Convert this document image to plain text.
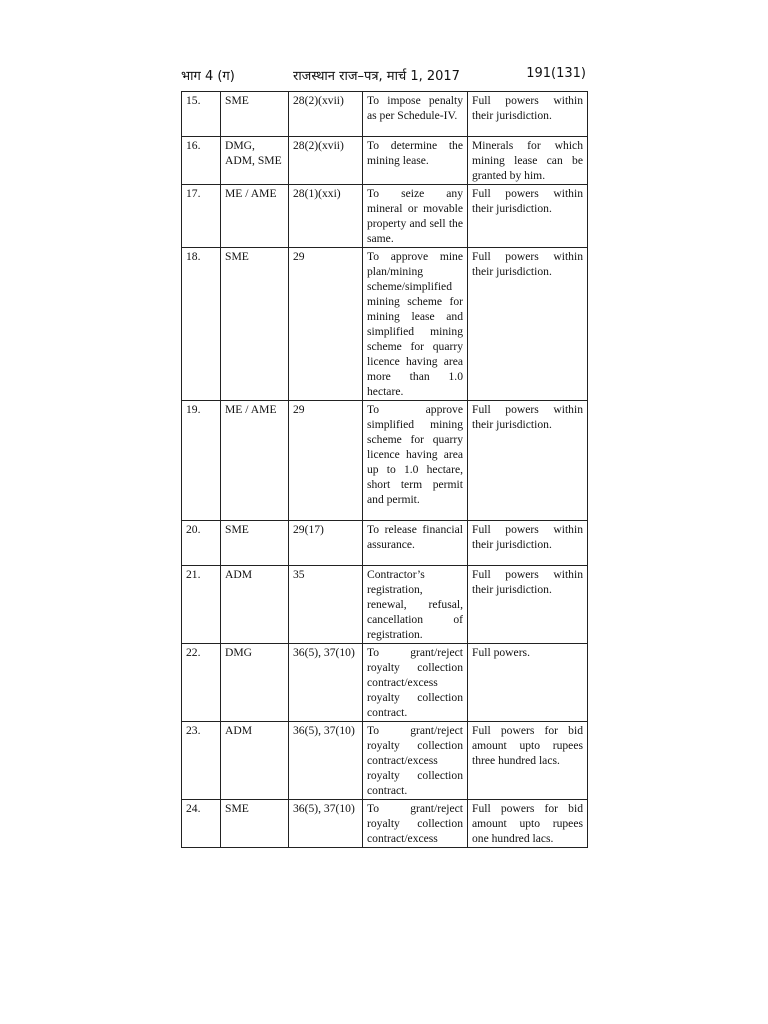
भाग 4 (ग)	राजस्थान राज–पत्र, मार्च 1, 2017	191(131)
15.	SME	28(2)(xvii)	To impose penalty as per Schedule-IV.	Full powers within their jurisdiction.
16.	DMG, ADM, SME	28(2)(xvii)	To determine the mining lease.	Minerals for which mining lease can be granted by him.
17.	ME / AME	28(1)(xxi)	To seize any mineral or movable property and sell the same.	Full powers within their jurisdiction.
18.	SME	29	To approve mine plan/mining scheme/simplified mining scheme for mining lease and simplified mining scheme for quarry licence having area more than 1.0 hectare.	Full powers within their jurisdiction.
19.	ME / AME	29	To approve simplified mining scheme for quarry licence having area up to 1.0 hectare, short term permit and permit.	Full powers within their jurisdiction.
20.	SME	29(17)	To release financial assurance.	Full powers within their jurisdiction.
21.	ADM	35	Contractor’s registration, renewal, refusal, cancellation of registration.	Full powers within their jurisdiction.
22.	DMG	36(5), 37(10)	To grant/reject royalty collection contract/excess royalty collection contract.	Full powers.
23.	ADM	36(5), 37(10)	To grant/reject royalty collection contract/excess royalty collection contract.	Full powers for bid amount upto rupees three hundred lacs.
24.	SME	36(5), 37(10)	To grant/reject royalty collection contract/excess	Full powers for bid amount upto rupees one hundred lacs.
